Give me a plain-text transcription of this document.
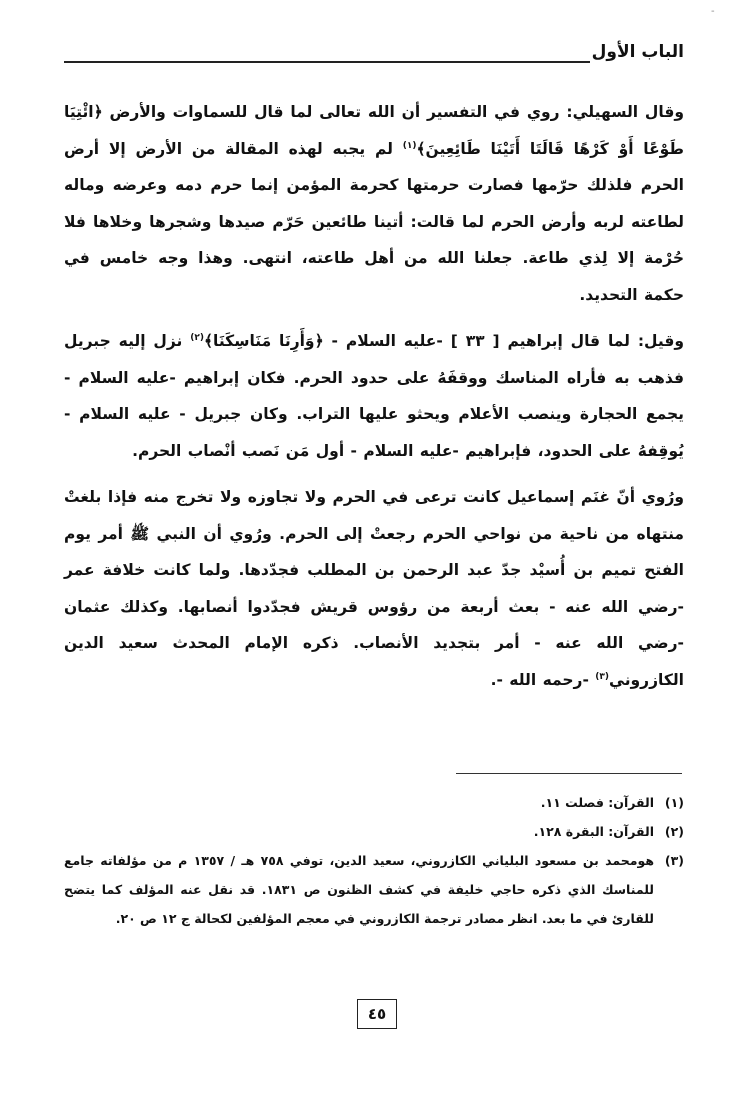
-
الباب الأول

وقال السهيلي: روي في التفسير أن الله تعالى لما قال للسماوات والأرض ﴿ائْتِيَا طَوْعًا أَوْ كَرْهًا قَالَتَا أَتَيْنَا طَائِعِينَ﴾$^{(١)}$ لم يجبه لهذه المقالة من الأرض إلا أرض الحرم فلذلك حرّمها فصارت حرمتها كحرمة المؤمن إنما حرم دمه وعرضه وماله لطاعته لربه وأرض الحرم لما قالت: أتينا طائعين حَرّم صيدها وشجرها وخلاها فلا حُرْمة إلا لِذي طاعة. جعلنا الله من أهل طاعته، انتهى. وهذا وجه خامس في حكمة التحديد.

وقيل: لما قال إبراهيم [ ٣٣ ] -عليه السلام - ﴿وَأَرِنَا مَنَاسِكَنَا﴾$^{(٢)}$ نزل إليه جبريل فذهب به فأراه المناسك ووقفَهُ على حدود الحرم. فكان إبراهيم -عليه السلام - يجمع الحجارة وينصب الأعلام ويحثو عليها التراب. وكان جبريل - عليه السلام - يُوقِفهُ على الحدود، فإبراهيم -عليه السلام - أول مَن نَصب أنْصاب الحرم.

ورُوي أنّ غنَم إسماعيل كانت ترعى في الحرم ولا تجاوزه ولا تخرج منه فإذا بلغتْ منتهاه من ناحية من نواحي الحرم رجعتْ إلى الحرم. ورُوي أن النبي ﷺ أمر يوم الفتح تميم بن أُسيْد جدّ عبد الرحمن بن المطلب فجدّدها. ولما كانت خلافة عمر -رضي الله عنه - بعث أربعة من رؤوس قريش فجدّدوا أنصابها. وكذلك عثمان -رضي الله عنه - أمر بتجديد الأنصاب. ذكره الإمام المحدث سعيد الدين الكازروني$^{(٣)}$ -رحمه الله -.

(١)
القرآن: فصلت ١١.
(٢)
القرآن: البقرة ١٢٨.
(٣)
هومحمد بن مسعود البلياني الكازروني، سعيد الدين، توفي ٧٥٨ هـ / ١٣٥٧ م من مؤلفاته جامع للمناسك الذي ذكره حاجي خليفة في كشف الظنون ص ١٨٣١. قد نقل عنه المؤلف كما يتضح للقارئ في ما بعد. انظر مصادر ترجمة الكازروني في معجم المؤلفين لكحالة ج ١٢ ص ٢٠.
٤٥
